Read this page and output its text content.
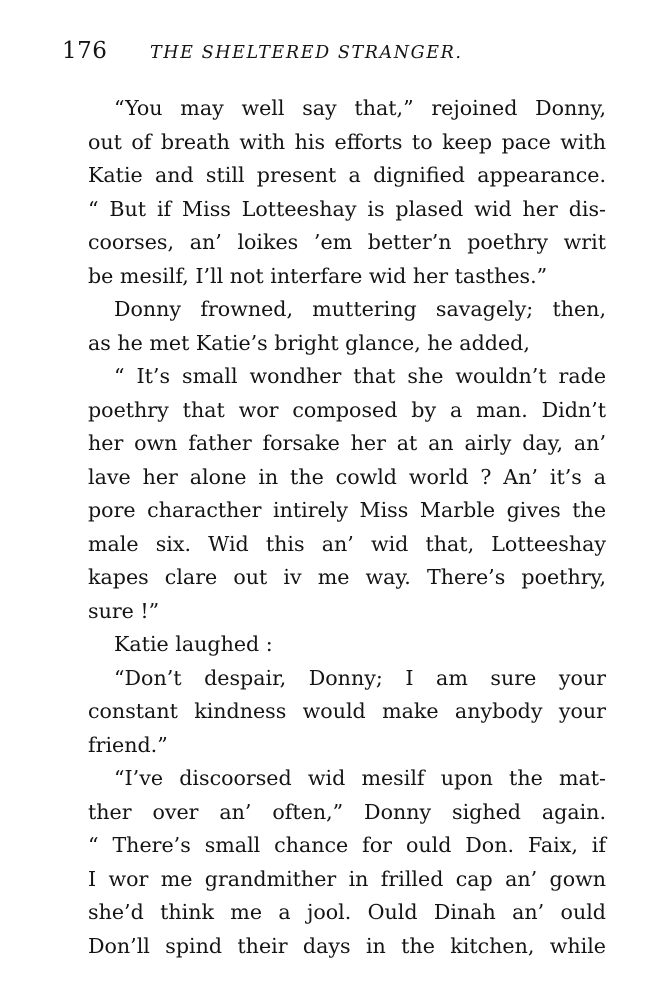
176	THE SHELTERED STRANGER.
“You may well say that,” rejoined Donny,
out of breath with his efforts to keep pace with
Katie and still present a dignified appearance.
“ But if Miss Lotteeshay is plased wid her dis-
coorses, an’ loikes ’em better’n poethry writ
be mesilf, I’ll not interfare wid her tasthes.”
Donny frowned, muttering savagely; then,
as he met Katie’s bright glance, he added,
“ It’s small wondher that she wouldn’t rade
poethry that wor composed by a man. Didn’t
her own father forsake her at an airly day, an’
lave her alone in the cowld world ? An’ it’s a
pore characther intirely Miss Marble gives the
male six. Wid this an’ wid that, Lotteeshay
kapes clare out iv me way. There’s poethry,
sure !”
Katie laughed :
“Don’t despair, Donny; I am sure your
constant kindness would make anybody your
friend.”
“I’ve discoorsed wid mesilf upon the mat-
ther over an’ often,” Donny sighed again.
“ There’s small chance for ould Don. Faix, if
I wor me grandmither in frilled cap an’ gown
she’d think me a jool. Ould Dinah an’ ould
Don’ll spind their days in the kitchen, while
